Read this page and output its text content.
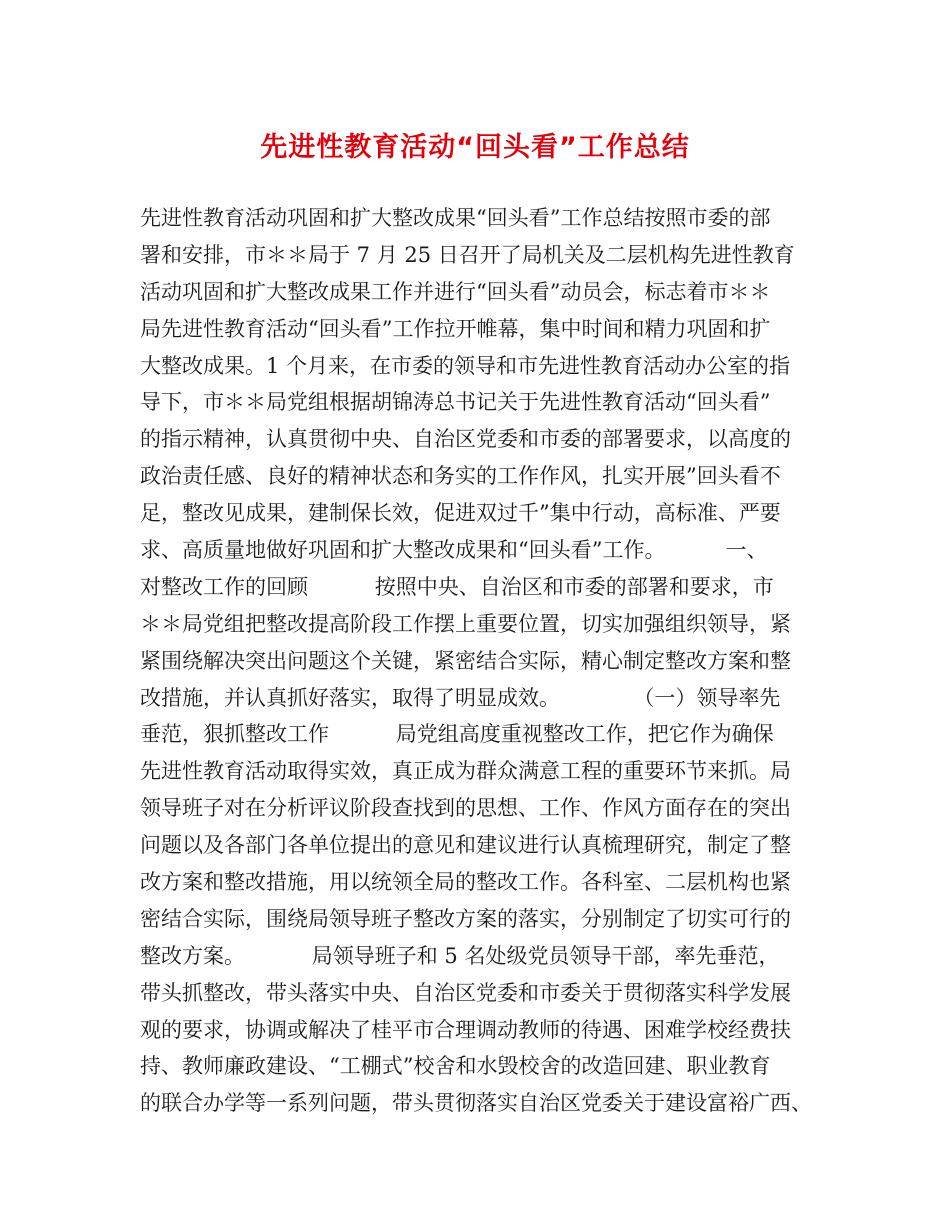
先进性教育活动“回头看”工作总结
先进性教育活动巩固和扩大整改成果“回头看”工作总结按照市委的部
署和安排，市＊＊局于 7 月 25 日召开了局机关及二层机构先进性教育
活动巩固和扩大整改成果工作并进行“回头看”动员会，标志着市＊＊
局先进性教育活动“回头看”工作拉开帷幕，集中时间和精力巩固和扩
大整改成果。1 个月来，在市委的领导和市先进性教育活动办公室的指
导下，市＊＊局党组根据胡锦涛总书记关于先进性教育活动“回头看”
的指示精神，认真贯彻中央、自治区党委和市委的部署要求，以高度的
政治责任感、良好的精神状态和务实的工作作风，扎实开展”回头看不
足，整改见成果，建制保长效，促进双过千”集中行动，高标准、严要
求、高质量地做好巩固和扩大整改成果和“回头看”工作。         一、
对整改工作的回顾          按照中央、自治区和市委的部署和要求，市
＊＊局党组把整改提高阶段工作摆上重要位置，切实加强组织领导，紧
紧围绕解决突出问题这个关键，紧密结合实际，精心制定整改方案和整
改措施，并认真抓好落实，取得了明显成效。           （一）领导率先
垂范，狠抓整改工作          局党组高度重视整改工作，把它作为确保
先进性教育活动取得实效，真正成为群众满意工程的重要环节来抓。局
领导班子对在分析评议阶段查找到的思想、工作、作风方面存在的突出
问题以及各部门各单位提出的意见和建议进行认真梳理研究，制定了整
改方案和整改措施，用以统领全局的整改工作。各科室、二层机构也紧
密结合实际，围绕局领导班子整改方案的落实，分别制定了切实可行的
整改方案。          局领导班子和 5 名处级党员领导干部，率先垂范，
带头抓整改，带头落实中央、自治区党委和市委关于贯彻落实科学发展
观的要求，协调或解决了桂平市合理调动教师的待遇、困难学校经费扶
持、教师廉政建设、“工棚式”校舍和水毁校舍的改造回建、职业教育
的联合办学等一系列问题，带头贯彻落实自治区党委关于建设富裕广西、
